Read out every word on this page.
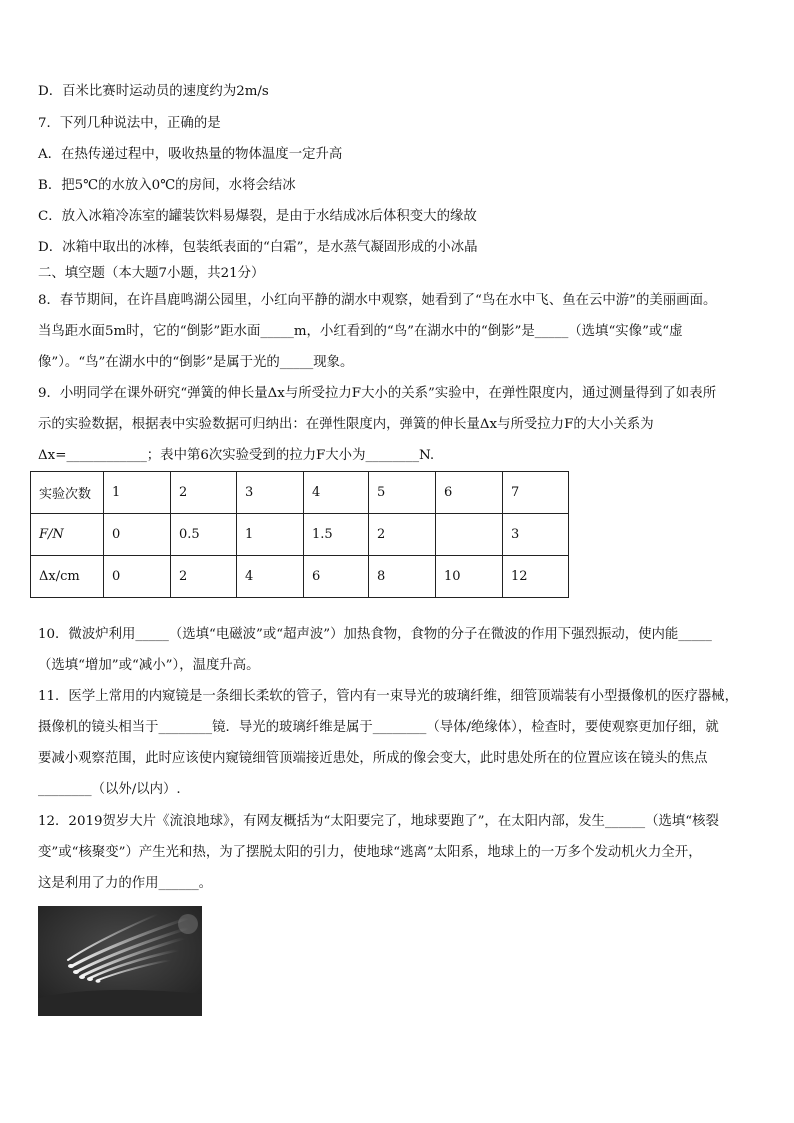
D．百米比赛时运动员的速度约为2m/s
7．下列几种说法中，正确的是
A．在热传递过程中，吸收热量的物体温度一定升高
B．把5℃的水放入0℃的房间，水将会结冰
C．放入冰箱冷冻室的罐装饮料易爆裂，是由于水结成冰后体积变大的缘故
D．冰箱中取出的冰棒，包装纸表面的“白霜”，是水蒸气凝固形成的小冰晶
二、填空题（本大题7小题，共21分）
8．春节期间，在许昌鹿鸣湖公园里，小红向平静的湖水中观察，她看到了“鸟在水中飞、鱼在云中游”的美丽画面。
当鸟距水面5m时，它的“倒影”距水面_____m，小红看到的“鸟”在湖水中的“倒影”是_____（选填“实像”或“虚
像”）。“鸟”在湖水中的“倒影”是属于光的_____现象。
9．小明同学在课外研究“弹簧的伸长量Δx与所受拉力F大小的关系”实验中，在弹性限度内，通过测量得到了如表所
示的实验数据，根据表中实验数据可归纳出：在弹性限度内，弹簧的伸长量Δx与所受拉力F的大小关系为
Δx=____________；表中第6次实验受到的拉力F大小为________N.
实验次数	1	2	3	4	5	6	7
F/N	0	0.5	1	1.5	2		3
Δx/cm	0	2	4	6	8	10	12
10．微波炉利用_____（选填“电磁波”或“超声波”）加热食物，食物的分子在微波的作用下强烈振动，使内能_____
（选填“增加”或“减小”），温度升高。
11．医学上常用的内窥镜是一条细长柔软的管子，管内有一束导光的玻璃纤维，细管顶端装有小型摄像机的医疗器械，
摄像机的镜头相当于________镜．导光的玻璃纤维是属于________（导体/绝缘体），检查时，要使观察更加仔细，就
要减小观察范围，此时应该使内窥镜细管顶端接近患处，所成的像会变大，此时患处所在的位置应该在镜头的焦点
________（以外/以内）.
12．2019贺岁大片《流浪地球》，有网友概括为“太阳要完了，地球要跑了”，在太阳内部，发生______（选填“核裂
变”或“核聚变”）产生光和热，为了摆脱太阳的引力，使地球“逃离”太阳系，地球上的一万多个发动机火力全开，
这是利用了力的作用______。
